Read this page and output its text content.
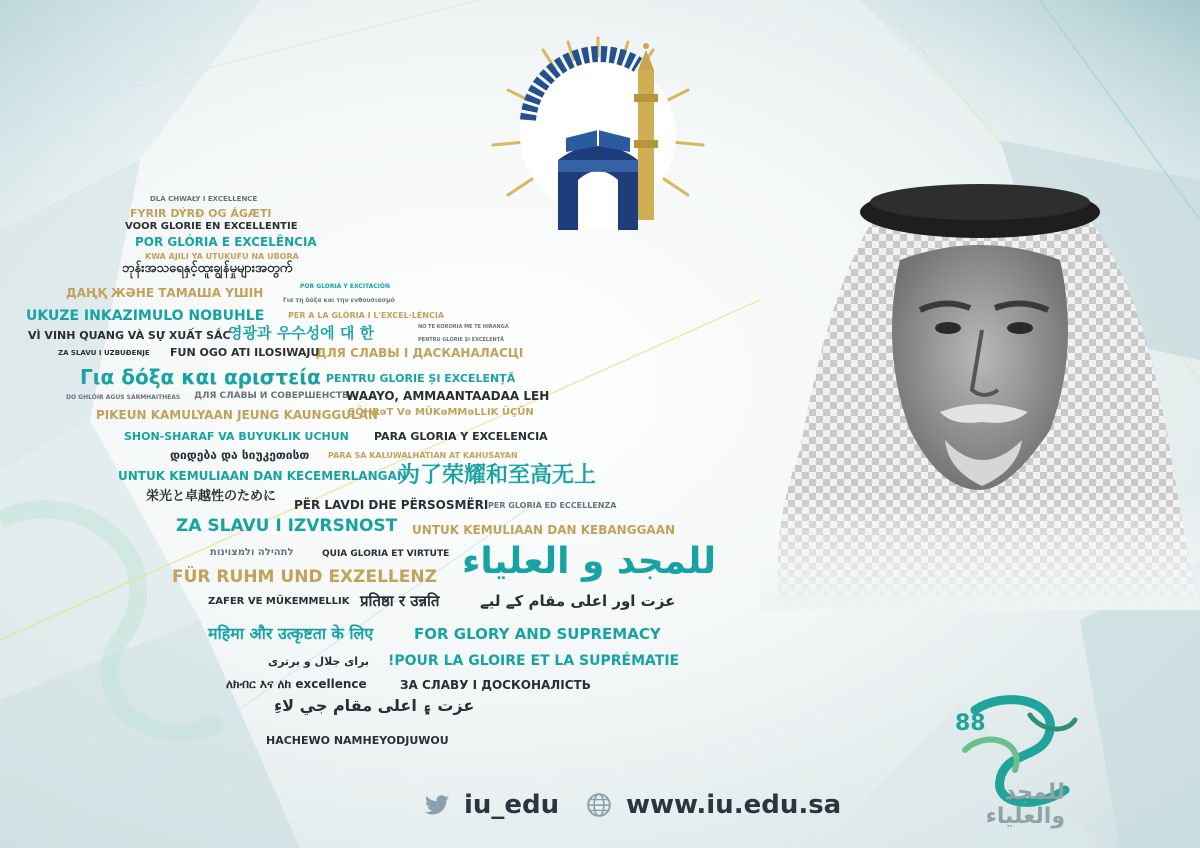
١٣٨١
1961
DLA CHWAŁY I EXCELLENCE
FYRIR DÝRÐ OG ÁGÆTI
VOOR GLORIE EN EXCELLENTIE
POR GLÓRIA E EXCELÊNCIA
KWA AJILI YA UTUKUFU NA UBORA
ဘုန်းအသရေနှင့်ထူးချွန်မှုများအတွက်
ДАҢҚ ЖӘНЕ ТАМАША ҮШІН	POR GLORIA Y EXCITACIÓN
Για τη δόξα και την ενθουσιασμό
UKUZE INKAZIMULO NOBUHLE	PER A LA GLÒRIA I L'EXCEL·LÈNCIA
VÌ VINH QUANG VÀ SỰ XUẤT SẮC
영광과 우수성에 대 한	NO TE KORORIA ME TE HIRANGA
PENTRU GLORIE ȘI EXCELENȚĂ
ZA SLAVU I UZBUĐENJE FUN OGO ATI ILOSIWAJU
ДЛЯ СЛАВЫ І ДАСКАНАЛАСЦІ
Για δόξα και αριστεία PENTRU GLORIE ȘI EXCELENȚĂ
DO GHLÓIR AGUS SÁRMHAITHEAS ДЛЯ СЛАВЫ И СОВЕРШЕНСТВА
WAAYO, AMMAANTAADAA LEH
PIKEUN KAMULYAAN JEUNG KAUNGGULAN
ŞÖHRəT Və MÜKəMMəLLIK ÜÇÜN
SHON-SHARAF VA BUYUKLIK UCHUN PARA GLORIA Y EXCELENCIA
დიდება და სიუკეთისთ PARA SA KALUWALHATIAN AT KAHUSAYAN
UNTUK KEMULIAAN DAN KECEMERLANGAN
为了荣耀和至高无上
栄光と卓越性のために
PËR LAVDI DHE PËRSOSMËRI PER GLORIA ED ECCELLENZA
ZA SLAVU I IZVRSNOST UNTUK KEMULIAAN DAN KEBANGGAAN
לתהילה ולמצוינות	QUIA GLORIA ET VIRTUTE للمجد و العلياء
FÜR RUHM UND EXZELLENZ
ZAFER VE MÜKEMMELLIK प्रतिष्ठा र उन्नति	عزت اور اعلی مقام کے لیے
महिमा और उत्कृष्टता के लिए	FOR GLORY AND SUPREMACY
برای جلال و برتری !POUR LA GLOIRE ET LA SUPRÉMATIE
ለክብር እና ለከ excellence	ЗА СЛАВУ І ДОСКОНАЛІСТЬ
عزت ۽ اعلی مقام جي لاءِ
HACHEWO NAMHEYODJUWOU
iu_edu	www.iu.edu.sa
88
للمجد
والعلياء
